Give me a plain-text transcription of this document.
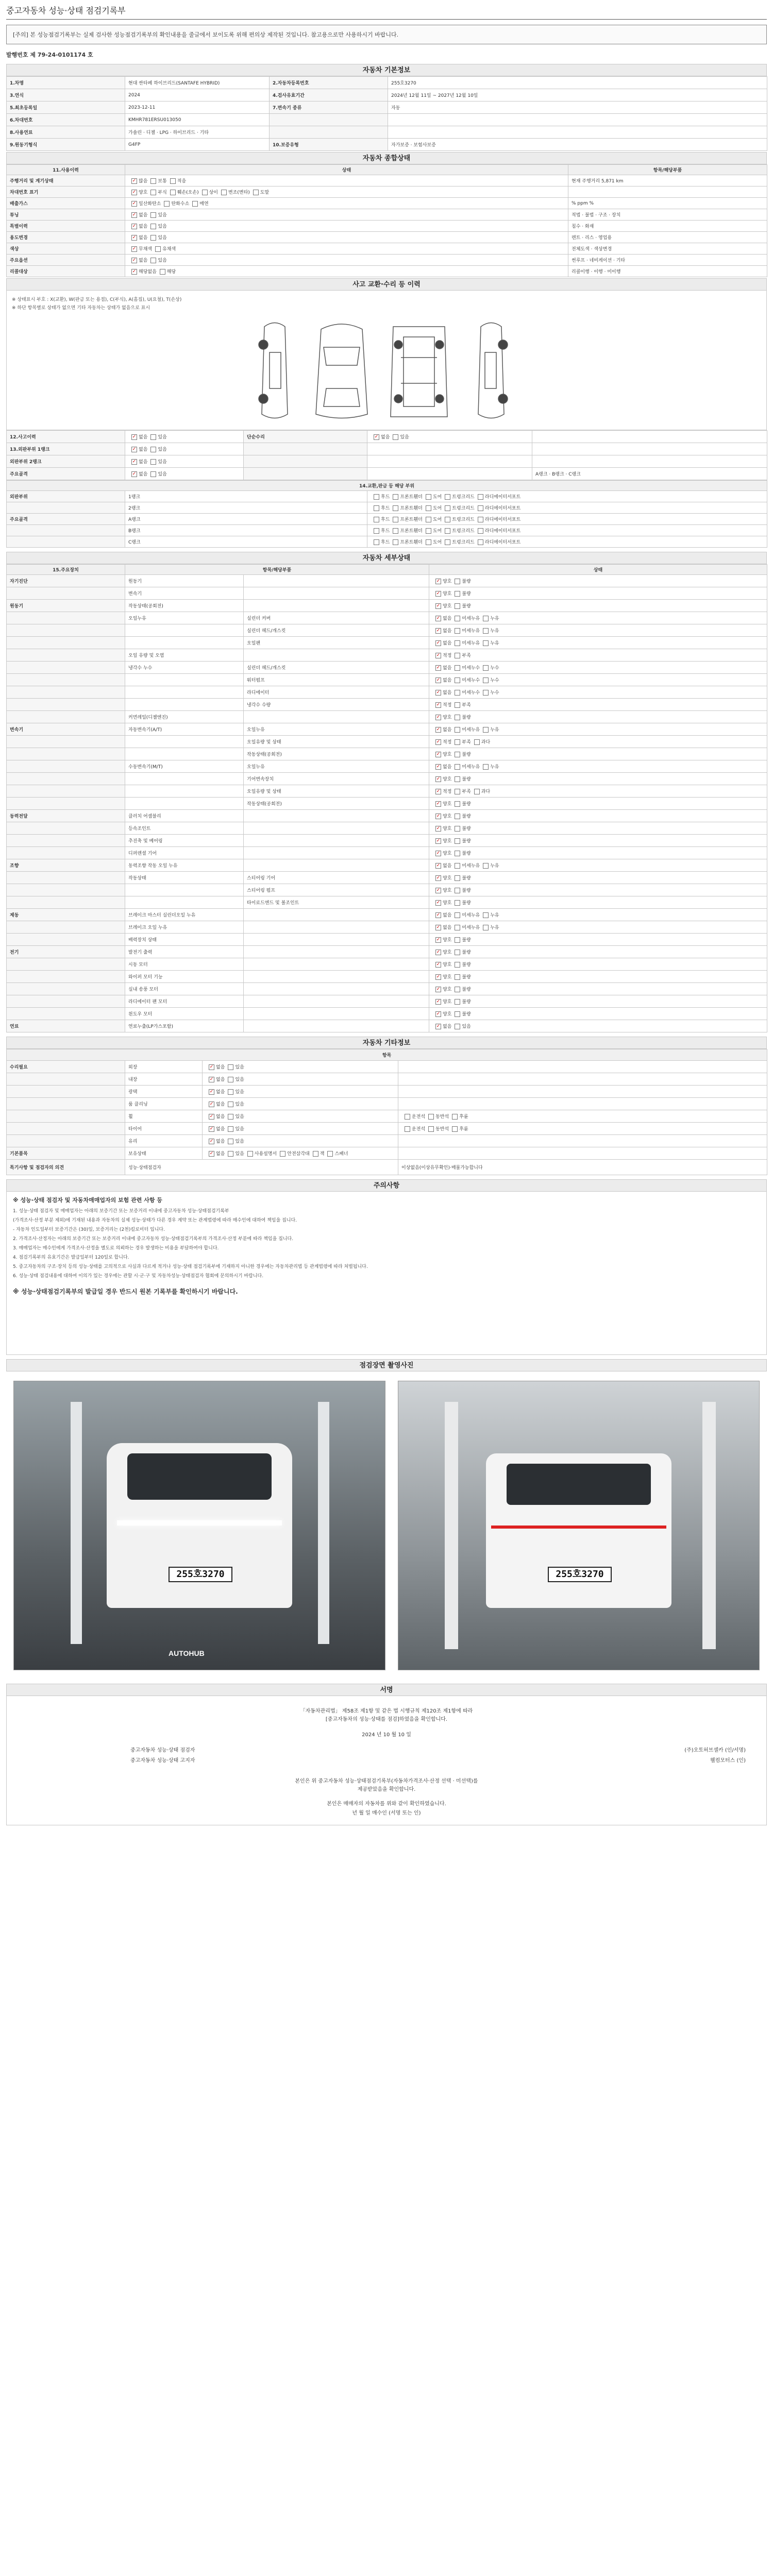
중고자동차 성능·상태 점검기록부
[주의] 본 성능점검기록부는 실제 검사한 성능점검기록부의 확인내용을 줄글에서 보이도록 위해 편의상 제작된 것입니다. 참고용으로만 사용하시기 바랍니다.
발행번호 제 79-24-0101174 호
자동차 기본정보
1.차명	현대 싼타페 하이브리드(SANTAFE HYBRID)	2.자동차등록번호	255호3270
3.연식	2024	4.검사유효기간	2024년 12월 11일 ~ 2027년 12월 10일
5.최초등록일	2023-12-11	7.변속기 종류	자동
6.차대번호	KMHR781ERSU013050		
8.사용연료	가솔린 · 디젤 · LPG · 하이브리드 · 기타		
9.원동기형식	G4FP	10.보증유형	자가보증 · 보험사보증
자동차 종합상태
11.사용이력	상태	항목/해당부품
주행거리 및 계기상태	✓많음 보통 적음	현재 주행거리 5,871 km
차대번호 표기	✓양호 부식 훼손(오손) 상이 변조(변타) 도말	
배출가스	✓일산화탄소 탄화수소 매연	% ppm %
튜닝	✓없음 있음	적법 · 불법 · 구조 · 장치
특별이력	✓없음 있음	침수 · 화재
용도변경	✓없음 있음	렌트 · 리스 · 영업용
색상	✓무채색 유채색	전체도색 · 색상변경
주요옵션	✓없음 있음	썬루프 · 네비게이션 · 기타
리콜대상	✓해당없음 해당	리콜이행 · 이행 · 미이행
사고 교환·수리 등 이력
※ 상태표시 부호 : X(교환), W(판금 또는 용접), C(부식), A(흠집), U(요철), T(손상)
※ 하단 항목별로 상태가 없으면 기타 자동차는 상태가 없음으로 표시
12.사고이력	✓없음 있음	단순수리	✓없음 있음	
13.외판부위 1랭크	✓없음 있음			
외판부위 2랭크	✓없음 있음			
주요골격	✓없음 있음			A랭크 · B랭크 · C랭크
14.교환,판금 등 해당 부위		
외판부위	1랭크	후드 프론트휀더 도어 트렁크리드 라디에이터서포트
	2랭크	후드 프론트휀더 도어 트렁크리드 라디에이터서포트
주요골격	A랭크	후드 프론트휀더 도어 트렁크리드 라디에이터서포트
	B랭크	후드 프론트휀더 도어 트렁크리드 라디에이터서포트
	C랭크	후드 프론트휀더 도어 트렁크리드 라디에이터서포트
자동차 세부상태
15.주요장치	항목/해당부품		상태
자기진단	원동기		✓양호 불량
	변속기		✓양호 불량
원동기	작동상태(공회전)		✓양호 불량
	오일누유	실린더 커버	✓없음 미세누유 누유
		실린더 헤드/개스킷	✓없음 미세누유 누유
		오일팬	✓없음 미세누유 누유
	오일 유량 및 오염		✓적정 부족
	냉각수 누수	실린더 헤드/개스킷	✓없음 미세누수 누수
		워터펌프	✓없음 미세누수 누수
		라디에이터	✓없음 미세누수 누수
		냉각수 수량	✓적정 부족
	커먼레일(디젤엔진)		✓양호 불량
변속기	자동변속기(A/T)	오일누유	✓없음 미세누유 누유
		오일유량 및 상태	✓적정 부족 과다
		작동상태(공회전)	✓양호 불량
	수동변속기(M/T)	오일누유	✓없음 미세누유 누유
		기어변속장치	✓양호 불량
		오일유량 및 상태	✓적정 부족 과다
		작동상태(공회전)	✓양호 불량
동력전달	클러치 어셈블리		✓양호 불량
	등속조인트		✓양호 불량
	추진축 및 베어링		✓양호 불량
	디퍼렌셜 기어		✓양호 불량
조향	동력조향 작동 오일 누유		✓없음 미세누유 누유
	작동상태	스티어링 기어	✓양호 불량
		스티어링 펌프	✓양호 불량
		타이로드엔드 및 볼조인트	✓양호 불량
제동	브레이크 마스터 실린더오일 누유		✓없음 미세누유 누유
	브레이크 오일 누유		✓없음 미세누유 누유
	배력장치 상태		✓양호 불량
전기	발전기 출력		✓양호 불량
	시동 모터		✓양호 불량
	와이퍼 모터 기능		✓양호 불량
	실내 송풍 모터		✓양호 불량
	라디에이터 팬 모터		✓양호 불량
	윈도우 모터		✓양호 불량
연료	연료누출(LP가스포함)		✓없음 있음
자동차 기타정보
항목			
수리필요	외장	✓없음 있음	
	내장	✓없음 있음	
	광택	✓없음 있음	
	룸 클리닝	✓없음 있음	
	휠	✓없음 있음	운전석 동반석 후륜
	타이어	✓없음 있음	운전석 동반석 후륜
	유리	✓없음 있음	
기본품목	보유상태	✓없음 있음 사용설명서 안전삼각대 잭 스패너	
특기사항 및 점검자의 의견	성능·상태점검자		이상없음(이상유무확인)·매물가능합니다
주의사항
※ 성능·상태 점검자 및 자동차매매업자의 보험 관련 사항 등
1. 성능·상태 점검자 및 매매업자는 아래의 보증기간 또는 보증거리 이내에 중고자동차 성능·상태점검기록부
(가격조사·산정 부분 제외)에 기재된 내용과 자동차의 실제 성능·상태가 다른 경우 계약 또는 관계법령에 따라 매수인에 대하여 책임을 집니다.
- 자동차 인도일부터 보증기간은 (30)일, 보증거리는 (2천)킬로미터 입니다.
2. 가격조사·산정자는 아래의 보증기간 또는 보증거리 이내에 중고자동차 성능·상태점검기록부의 가격조사·산정 부분에 따라 책임을 집니다.
3. 매매업자는 매수인에게 가격조사·산정을 별도로 의뢰하는 경우 발생하는 비용을 부담하여야 합니다.
4. 점검기록부의 유효기간은 발급일부터 120일로 합니다.
5. 중고자동차의 구조·장치 등의 성능·상태를 고의적으로 사실과 다르게 적거나 성능·상태 점검기록부에 기재하지 아니한 경우에는 자동차관리법 등 관계법령에 따라 처벌됩니다.
6. 성능·상태 점검내용에 대하여 이의가 있는 경우에는 관할 시·군·구 및 자동차성능·상태점검자 협회에 문의하시기 바랍니다.
※ 성능·상태점검기록부의 발급일 경우 반드시 원본 기록부를 확인하시기 바랍니다.
점검장면 촬영사진
255호3270
AUTOHUB
255호3270
서명
「자동차관리법」 제58조 제1항 및 같은 법 시행규칙 제120조 제1항에 따라
[중고자동차의 성능·상태를 점검]하였음을 확인합니다.
2024 년 10 월 10 일
중고자동차 성능·상태 점검자	(주)오토허브셀카 (인/서명)
중고자동차 성능·상태 고지자	웰컴모터스 (인)
본인은 위 중고자동차 성능·상태점검기록부(자동차가격조사·산정 선택 · 미선택)를
제공받았음을 확인합니다.
본인은 매매자의 자동차를 위와 같이 확인하였습니다.
년 월 일 매수인 (서명 또는 인)
